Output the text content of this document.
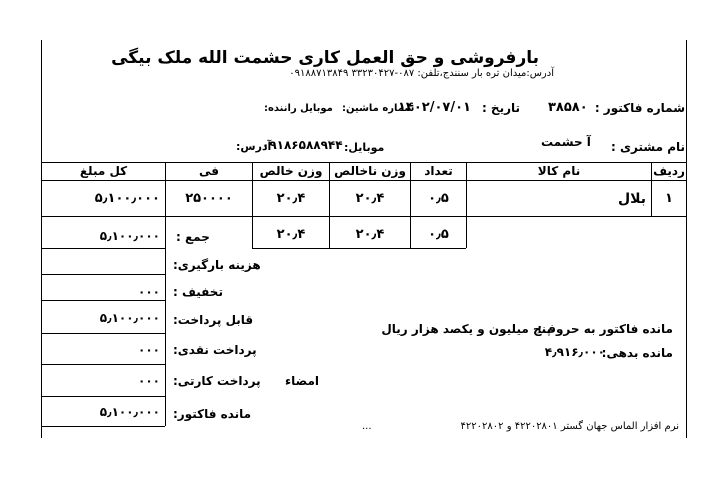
بارفروشی و حق العمل کاری حشمت الله ملک بیگی
آدرس:میدان تره بار سنندج،تلفن: ۰۸۷-۳۳۲۳۰۴۲۷ ۰۹۱۸۸۷۱۳۸۴۹
شماره فاکتور :
۳۸۵۸۰
تاریخ :
۱۴۰۲/۰۷/۰۱
شماره ماشین:
موبایل راننده:
نام مشتری :
آ حشمت
موبایل:
۰۹۱۸۶۵۸۸۹۴۴
آدرس:
ردیف
نام کالا
تعداد
وزن ناخالص
وزن خالص
فی
کل مبلغ
۱
بلال
۰٫۵
۲۰٫۴
۲۰٫۴
۲۵۰۰۰۰
۵٫۱۰۰٫۰۰۰
۰٫۵
۲۰٫۴
۲۰٫۴
جمع :
۵٫۱۰۰٫۰۰۰
هزینه بارگیری:
تخفیف :
۰۰۰
قابل پرداخت:
۵٫۱۰۰٫۰۰۰
پرداخت نقدی:
۰۰۰
پرداخت کارتی:
۰۰۰
مانده فاکتور:
۵٫۱۰۰٫۰۰۰
امضاء
مانده فاکتور به حروف:
پنج میلیون و یکصد هزار ریال
مانده بدهی:
۴٫۹۱۶٫۰۰۰
...	نرم افزار الماس جهان گستر ۴۲۲۰۲۸۰۱ و ۴۲۲۰۲۸۰۲
